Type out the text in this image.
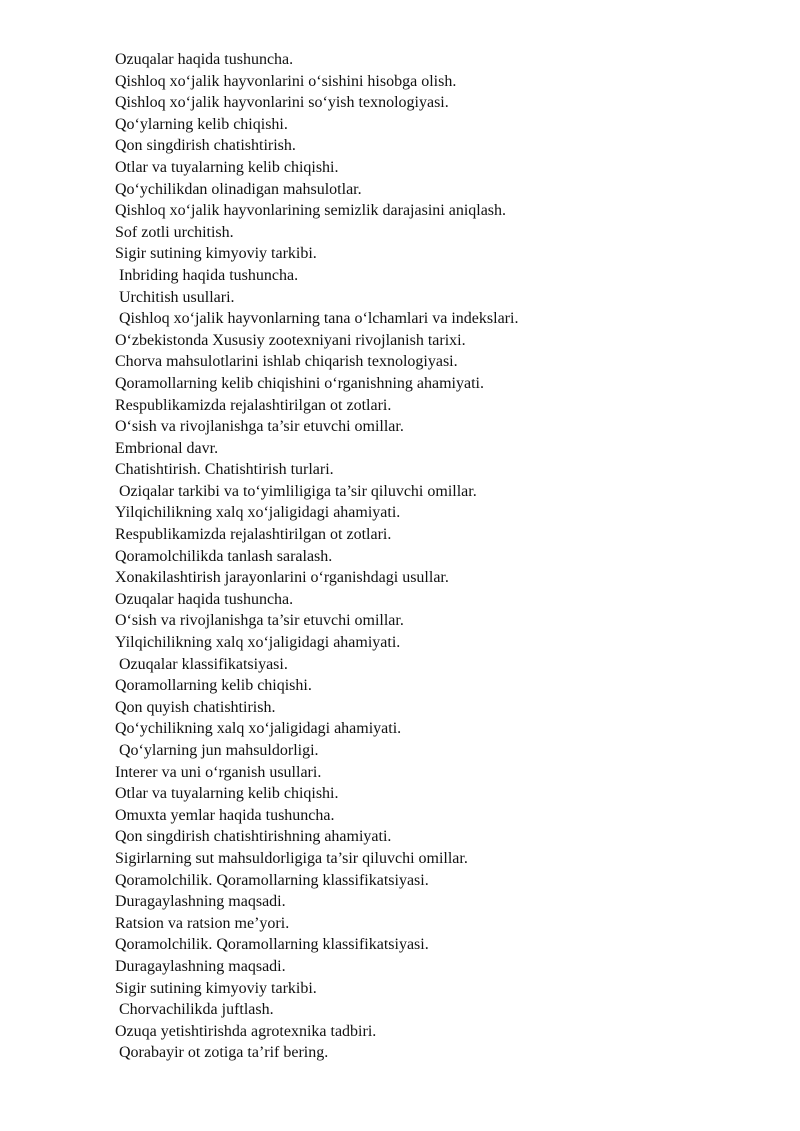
Ozuqalar haqida tushuncha.
Qishloq xo‘jalik hayvonlarini o‘sishini hisobga olish.
Qishloq xo‘jalik hayvonlarini so‘yish texnologiyasi.
Qo‘ylarning kelib chiqishi.
Qon singdirish chatishtirish.
Otlar va tuyalarning kelib chiqishi.
Qo‘ychilikdan olinadigan mahsulotlar.
Qishloq xo‘jalik hayvonlarining semizlik darajasini aniqlash.
Sof zotli urchitish.
Sigir sutining kimyoviy tarkibi.
Inbriding haqida tushuncha.
Urchitish usullari.
Qishloq xo‘jalik hayvonlarning tana o‘lchamlari va indekslari.
O‘zbekistonda Xususiy zootexniyani rivojlanish tarixi.
Chorva mahsulotlarini ishlab chiqarish texnologiyasi.
Qoramollarning kelib chiqishini o‘rganishning ahamiyati.
Respublikamizda rejalashtirilgan ot zotlari.
O‘sish va rivojlanishga ta’sir etuvchi omillar.
Embrional davr.
Chatishtirish. Chatishtirish turlari.
Oziqalar tarkibi va to‘yimliligiga ta’sir qiluvchi omillar.
Yilqichilikning xalq xo‘jaligidagi ahamiyati.
Respublikamizda rejalashtirilgan ot zotlari.
Qoramolchilikda tanlash saralash.
Xonakilashtirish jarayonlarini o‘rganishdagi usullar.
Ozuqalar haqida tushuncha.
O‘sish va rivojlanishga ta’sir etuvchi omillar.
Yilqichilikning xalq xo‘jaligidagi ahamiyati.
Ozuqalar klassifikatsiyasi.
Qoramollarning kelib chiqishi.
Qon quyish chatishtirish.
Qo‘ychilikning xalq xo‘jaligidagi ahamiyati.
Qo‘ylarning jun mahsuldorligi.
Interer va uni o‘rganish usullari.
Otlar va tuyalarning kelib chiqishi.
Omuxta yemlar haqida tushuncha.
Qon singdirish chatishtirishning ahamiyati.
Sigirlarning sut mahsuldorligiga ta’sir qiluvchi omillar.
Qoramolchilik. Qoramollarning klassifikatsiyasi.
Duragaylashning maqsadi.
Ratsion va ratsion me’yori.
Qoramolchilik. Qoramollarning klassifikatsiyasi.
Duragaylashning maqsadi.
Sigir sutining kimyoviy tarkibi.
Chorvachilikda juftlash.
Ozuqa yetishtirishda agrotexnika tadbiri.
Qorabayir ot zotiga ta’rif bering.
